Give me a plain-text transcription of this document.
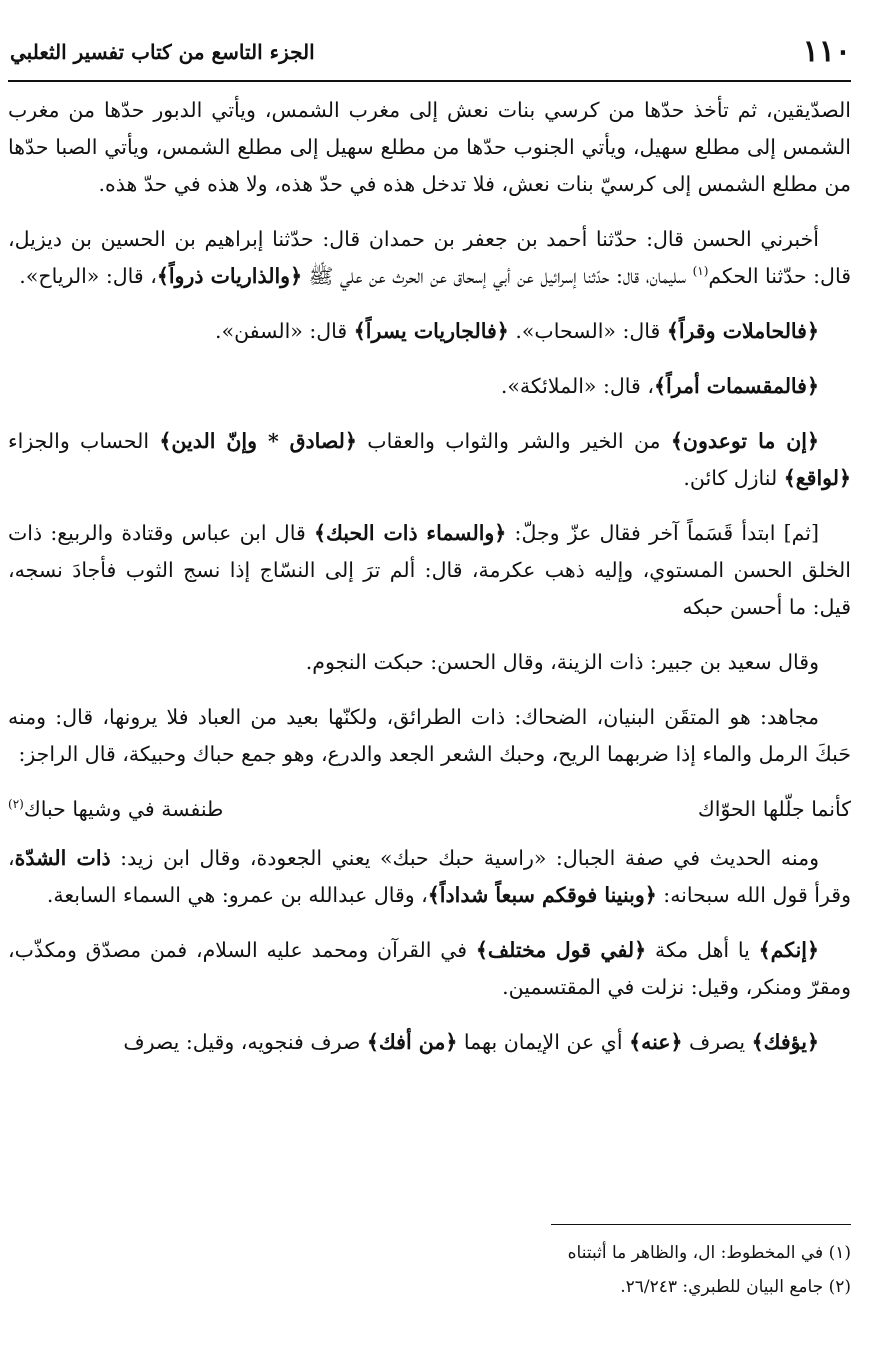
١١٠
الجزء التاسع من كتاب تفسير الثعلبي

الصدّيقين، ثم تأخذ حدّها من كرسي بنات نعش إلى مغرب الشمس، ويأتي الدبور حدّها من مغرب الشمس إلى مطلع سهيل، ويأتي الجنوب حدّها من مطلع سهيل إلى مطلع الشمس، ويأتي الصبا حدّها من مطلع الشمس إلى كرسيّ بنات نعش، فلا تدخل هذه في حدّ هذه، ولا هذه في حدّ هذه.

أخبرني الحسن قال: حدّثنا أحمد بن جعفر بن حمدان قال: حدّثنا إبراهيم بن الحسين بن ديزيل، قال: حدّثنا الحكم$^{(١)}$ سليمان، قال: حدّثنا إسرائيل عن أبي إسحاق عن الحرث عن علي ﷺ ﴿والذاريات ذرواً﴾، قال: «الرياح».

﴿فالحاملات وقراً﴾ قال: «السحاب». ﴿فالجاريات يسراً﴾ قال: «السفن».

﴿فالمقسمات أمراً﴾، قال: «الملائكة».

﴿إن ما توعدون﴾ من الخير والشر والثواب والعقاب ﴿لصادق * وإنّ الدين﴾ الحساب والجزاء ﴿لواقع﴾ لنازل كائن.

[ثم] ابتدأ قَسَماً آخر فقال عزّ وجلّ: ﴿والسماء ذات الحبك﴾ قال ابن عباس وقتادة والربيع: ذات الخلق الحسن المستوي، وإليه ذهب عكرمة، قال: ألم ترَ إلى النسّاج إذا نسج الثوب فأجادَ نسجه، قيل: ما أحسن حبكه

وقال سعيد بن جبير: ذات الزينة، وقال الحسن: حبكت النجوم.

مجاهد: هو المتقَن البنيان، الضحاك: ذات الطرائق، ولكنّها بعيد من العباد فلا يرونها، قال: ومنه حَبكَ الرمل والماء إذا ضربهما الريح، وحبك الشعر الجعد والدرع، وهو جمع حباك وحبيكة، قال الراجز:

كأنما جلّلها الحوّاك
طنفسة في وشيها حباك$^{(٢)}$

ومنه الحديث في صفة الجبال: «راسية حبك حبك» يعني الجعودة، وقال ابن زيد: ذات الشدّة، وقرأ قول الله سبحانه: ﴿وبنينا فوقكم سبعاً شداداً﴾، وقال عبدالله بن عمرو: هي السماء السابعة.

﴿إنكم﴾ يا أهل مكة ﴿لفي قول مختلف﴾ في القرآن ومحمد عليه السلام، فمن مصدّق ومكذّب، ومقرّ ومنكر، وقيل: نزلت في المقتسمين.

﴿يؤفك﴾ يصرف ﴿عنه﴾ أي عن الإيمان بهما ﴿من أفك﴾ صرف فنجويه، وقيل: يصرف

(١) في المخطوط: ال، والظاهر ما أثبتناه
(٢) جامع البيان للطبري: ٢٦/٢٤٣.
